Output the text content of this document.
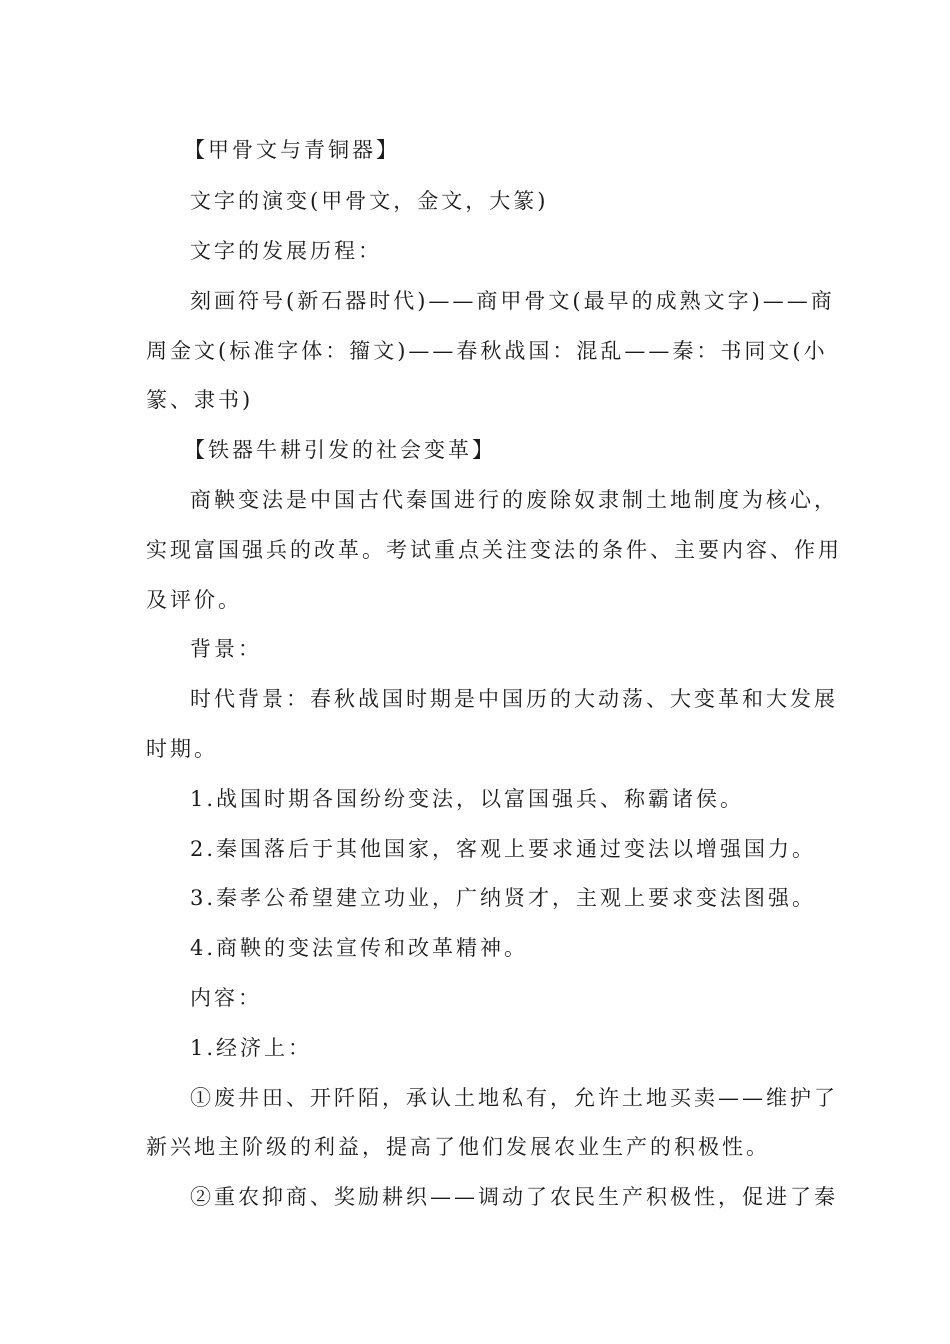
【甲骨文与青铜器】
文字的演变(甲骨文，金文，大篆)
文字的发展历程：
刻画符号(新石器时代)——商甲骨文(最早的成熟文字)——商
周金文(标准字体：籀文)——春秋战国：混乱——秦：书同文(小
篆、隶书)
【铁器牛耕引发的社会变革】
商鞅变法是中国古代秦国进行的废除奴隶制土地制度为核心，
实现富国强兵的改革。考试重点关注变法的条件、主要内容、作用
及评价。
背景：
时代背景：春秋战国时期是中国历的大动荡、大变革和大发展
时期。
1.战国时期各国纷纷变法，以富国强兵、称霸诸侯。
2.秦国落后于其他国家，客观上要求通过变法以增强国力。
3.秦孝公希望建立功业，广纳贤才，主观上要求变法图强。
4.商鞅的变法宣传和改革精神。
内容：
1.经济上：
①废井田、开阡陌，承认土地私有，允许土地买卖——维护了
新兴地主阶级的利益，提高了他们发展农业生产的积极性。
②重农抑商、奖励耕织——调动了农民生产积极性，促进了秦
